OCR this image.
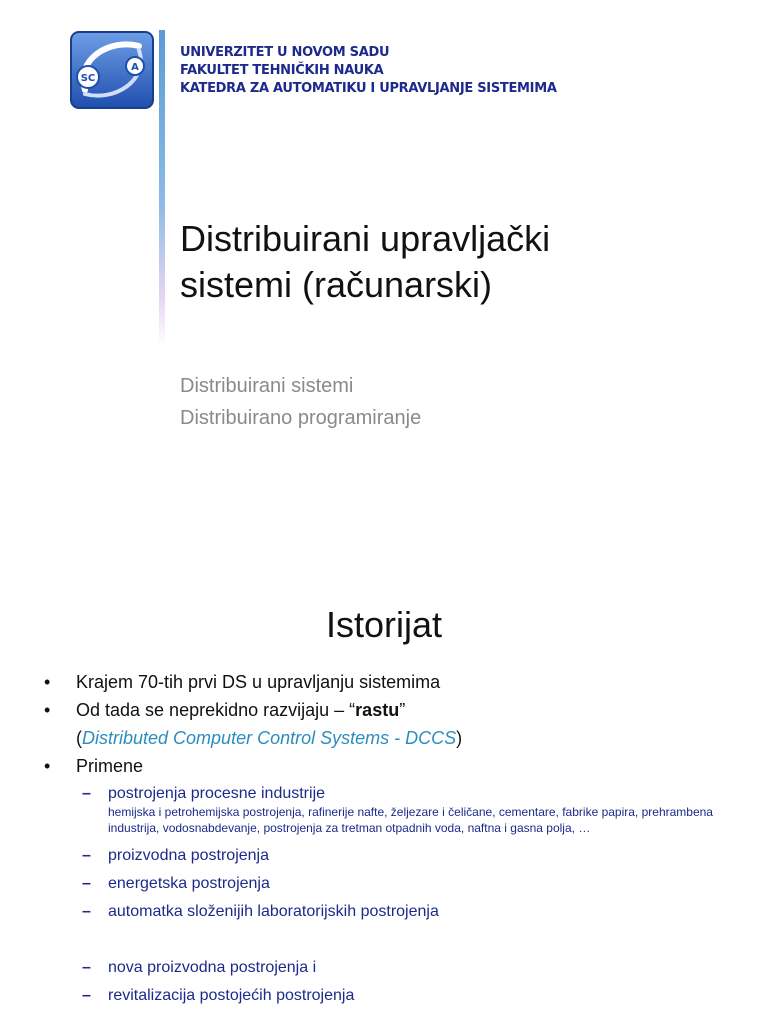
SC
A
UNIVERZITET U NOVOM SADU
FAKULTET TEHNIČKIH NAUKA
KATEDRA ZA AUTOMATIKU I UPRAVLJANJE SISTEMIMA
Distribuirani upravljački
sistemi (računarski)
Distribuirani sistemi
Distribuirano programiranje
Istorijat
• Krajem 70-tih prvi DS u upravljanju sistemima
• Od tada se neprekidno razvijaju – “rastu”
(Distributed Computer Control Systems - DCCS)
• Primene
– postrojenja procesne industrije
hemijska i petrohemijska postrojenja, rafinerije nafte, željezare i čeličane, cementare, fabrike papira, prehrambena industrija, vodosnabdevanje, postrojenja za tretman otpadnih voda, naftna i gasna polja, …
– proizvodna postrojenja
– energetska postrojenja
– automatka složenijih laboratorijskih postrojenja
– nova proizvodna postrojenja i
– revitalizacija postojećih postrojenja
